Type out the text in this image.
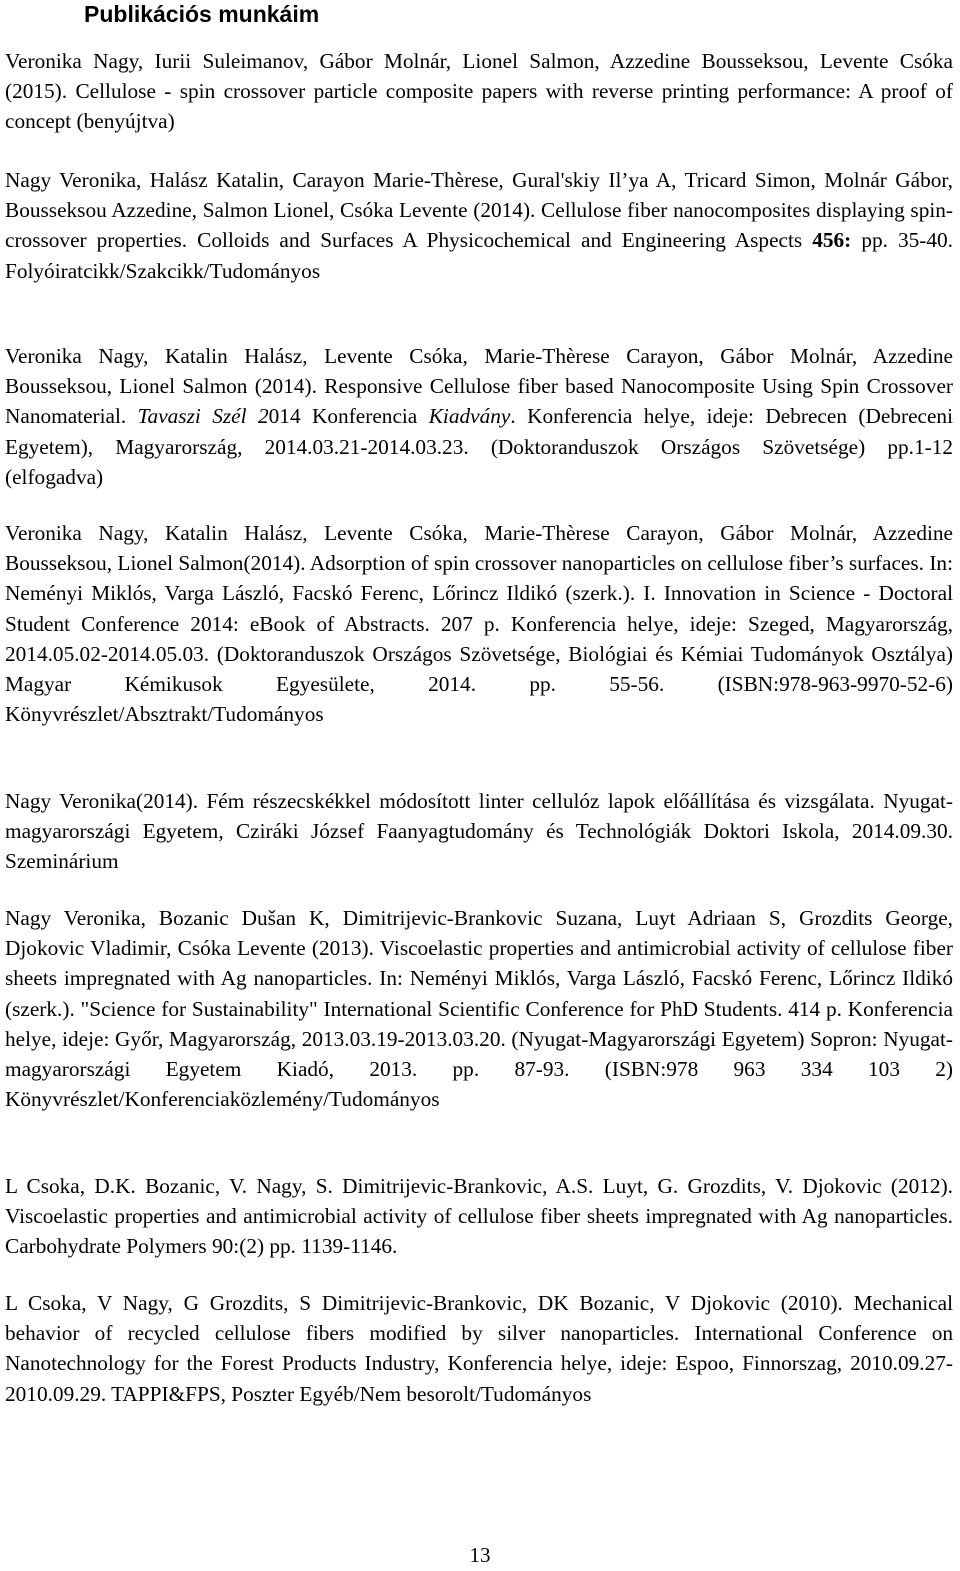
Publikációs munkáim

Veronika Nagy, Iurii Suleimanov, Gábor Molnár, Lionel Salmon, Azzedine Bousseksou, Levente Csóka (2015). Cellulose - spin crossover particle composite papers with reverse printing performance: A proof of concept (benyújtva)

Nagy Veronika, Halász Katalin, Carayon Marie-Thèrese, Gural'skiy Il’ya A, Tricard Simon, Molnár Gábor, Bousseksou Azzedine, Salmon Lionel, Csóka Levente (2014). Cellulose fiber nanocomposites displaying spin-crossover properties. Colloids and Surfaces A Physicochemical and Engineering Aspects 456: pp. 35-40. Folyóiratcikk/Szakcikk/Tudományos

Veronika Nagy, Katalin Halász, Levente Csóka, Marie-Thèrese Carayon, Gábor Molnár, Azzedine Bousseksou, Lionel Salmon (2014). Responsive Cellulose fiber based Nanocomposite Using Spin Crossover Nanomaterial. Tavaszi Szél 2014 Konferencia Kiadvány. Konferencia helye, ideje: Debrecen (Debreceni Egyetem), Magyarország, 2014.03.21-2014.03.23. (Doktoranduszok Országos Szövetsége) pp.1-12 (elfogadva)

Veronika Nagy, Katalin Halász, Levente Csóka, Marie-Thèrese Carayon, Gábor Molnár, Azzedine Bousseksou, Lionel Salmon(2014). Adsorption of spin crossover nanoparticles on cellulose fiber’s surfaces. In: Neményi Miklós, Varga László, Facskó Ferenc, Lőrincz Ildikó (szerk.). I. Innovation in Science - Doctoral Student Conference 2014: eBook of Abstracts. 207 p. Konferencia helye, ideje: Szeged, Magyarország, 2014.05.02-2014.05.03. (Doktoranduszok Országos Szövetsége, Biológiai és Kémiai Tudományok Osztálya) Magyar Kémikusok Egyesülete, 2014. pp. 55-56. (ISBN:978-963-9970-52-6) Könyvrészlet/Absztrakt/Tudományos

Nagy Veronika(2014). Fém részecskékkel módosított linter cellulóz lapok előállítása és vizsgálata. Nyugat-magyarországi Egyetem, Cziráki József Faanyagtudomány és Technológiák Doktori Iskola, 2014.09.30. Szeminárium

Nagy Veronika, Bozanic Dušan K, Dimitrijevic-Brankovic Suzana, Luyt Adriaan S, Grozdits George, Djokovic Vladimir, Csóka Levente (2013). Viscoelastic properties and antimicrobial activity of cellulose fiber sheets impregnated with Ag nanoparticles. In: Neményi Miklós, Varga László, Facskó Ferenc, Lőrincz Ildikó (szerk.). "Science for Sustainability" International Scientific Conference for PhD Students. 414 p. Konferencia helye, ideje: Győr, Magyarország, 2013.03.19-2013.03.20. (Nyugat-Magyarországi Egyetem) Sopron: Nyugat-magyarországi Egyetem Kiadó, 2013. pp. 87-93. (ISBN:978 963 334 103 2) Könyvrészlet/Konferenciaközlemény/Tudományos

L Csoka, D.K. Bozanic, V. Nagy, S. Dimitrijevic-Brankovic, A.S. Luyt, G. Grozdits, V. Djokovic (2012). Viscoelastic properties and antimicrobial activity of cellulose fiber sheets impregnated with Ag nanoparticles. Carbohydrate Polymers 90:(2) pp. 1139-1146.

L Csoka, V Nagy, G Grozdits, S Dimitrijevic-Brankovic, DK Bozanic, V Djokovic (2010). Mechanical behavior of recycled cellulose fibers modified by silver nanoparticles. International Conference on Nanotechnology for the Forest Products Industry, Konferencia helye, ideje: Espoo, Finnorszag, 2010.09.27-2010.09.29. TAPPI&FPS, Poszter Egyéb/Nem besorolt/Tudományos

13
